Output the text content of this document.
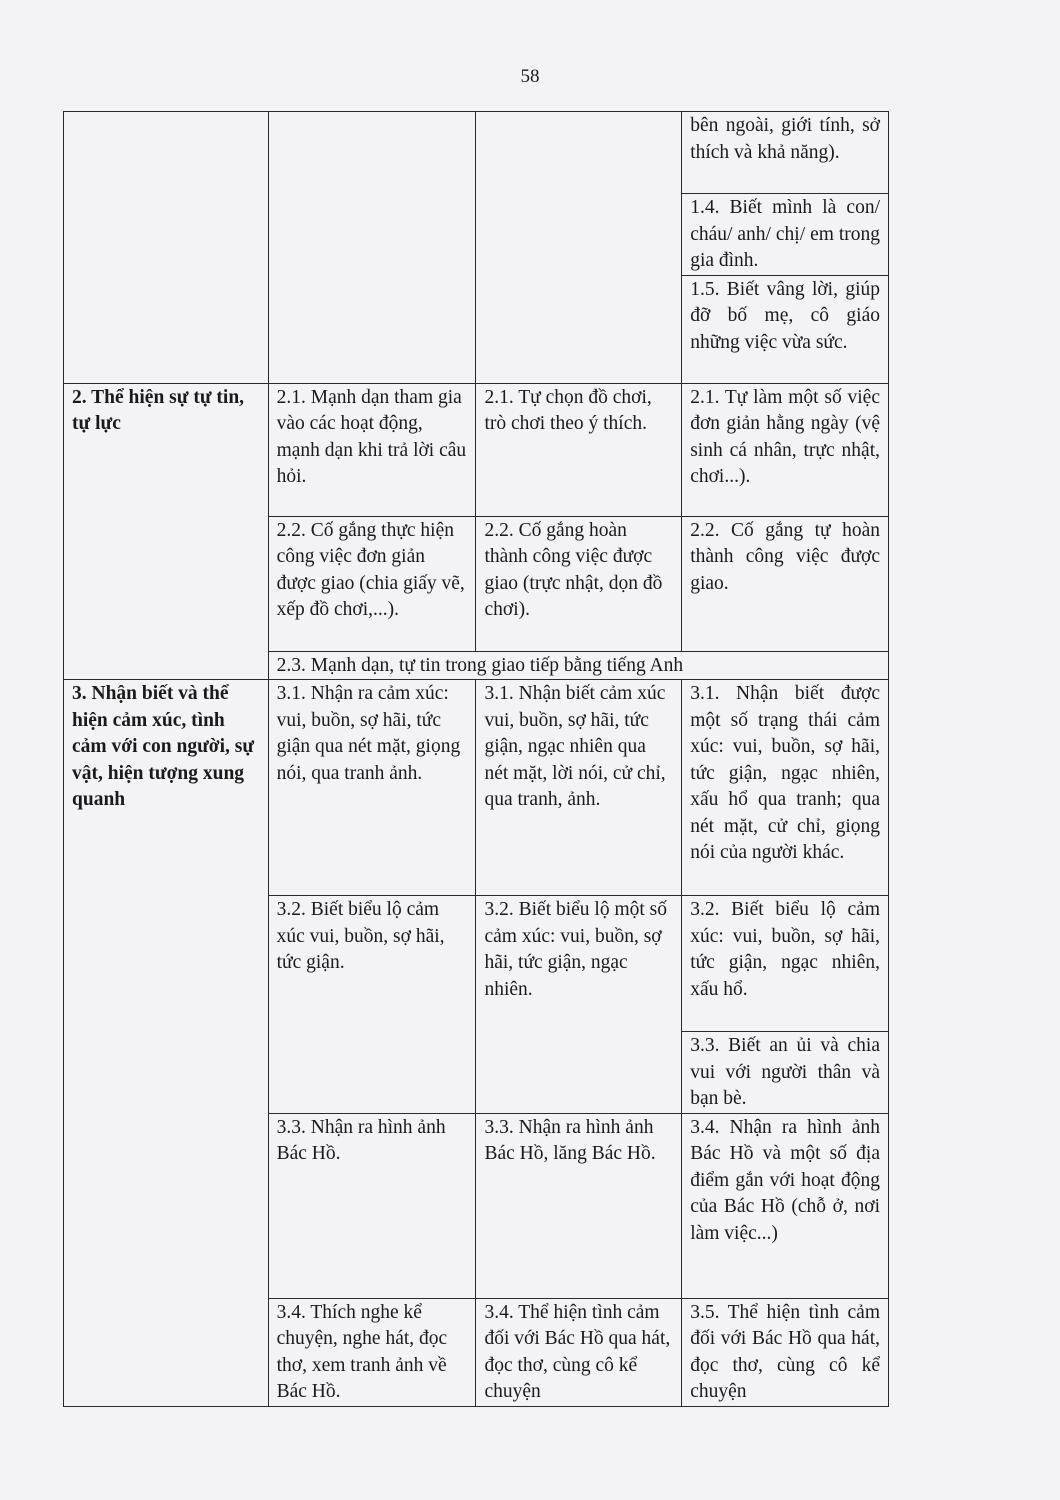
58
			bên ngoài, giới tính, sở thích và khả năng).
			1.4. Biết mình là con/ cháu/ anh/ chị/ em trong gia đình.
			1.5. Biết vâng lời, giúp đỡ bố mẹ, cô giáo những việc vừa sức.
2. Thể hiện sự tự tin, tự lực	2.1. Mạnh dạn tham gia vào các hoạt động, mạnh dạn khi trả lời câu hỏi.	2.1. Tự chọn đồ chơi, trò chơi theo ý thích.	2.1. Tự làm một số việc đơn giản hằng ngày (vệ sinh cá nhân, trực nhật, chơi...).
	2.2. Cố gắng thực hiện công việc đơn giản được giao (chia giấy vẽ, xếp đồ chơi,...).	2.2. Cố gắng hoàn thành công việc được giao (trực nhật, dọn đồ chơi).	2.2. Cố gắng tự hoàn thành công việc được giao.
	2.3. Mạnh dạn, tự tin trong giao tiếp bằng tiếng Anh		
3. Nhận biết và thể hiện cảm xúc, tình cảm với con người, sự vật, hiện tượng xung quanh	3.1. Nhận ra cảm xúc: vui, buồn, sợ hãi, tức giận qua nét mặt, giọng nói, qua tranh ảnh.	3.1. Nhận biết cảm xúc vui, buồn, sợ hãi, tức giận, ngạc nhiên qua nét mặt, lời nói, cử chỉ, qua tranh, ảnh.	3.1. Nhận biết được một số trạng thái cảm xúc: vui, buồn, sợ hãi, tức giận, ngạc nhiên, xấu hổ qua tranh; qua nét mặt, cử chỉ, giọng nói của người khác.
	3.2. Biết biểu lộ cảm xúc vui, buồn, sợ hãi, tức giận.	3.2. Biết biểu lộ một số cảm xúc: vui, buồn, sợ hãi, tức giận, ngạc nhiên.	3.2. Biết biểu lộ cảm xúc: vui, buồn, sợ hãi, tức giận, ngạc nhiên, xấu hổ.
			3.3. Biết an ủi và chia vui với người thân và bạn bè.
	3.3. Nhận ra hình ảnh Bác Hồ.	3.3. Nhận ra hình ảnh Bác Hồ, lăng Bác Hồ.	3.4. Nhận ra hình ảnh Bác Hồ và một số địa điểm gắn với hoạt động của Bác Hồ (chỗ ở, nơi làm việc...)
	3.4. Thích nghe kể chuyện, nghe hát, đọc thơ, xem tranh ảnh về Bác Hồ.	3.4. Thể hiện tình cảm đối với Bác Hồ qua hát, đọc thơ, cùng cô kể chuyện	3.5. Thể hiện tình cảm đối với Bác Hồ qua hát, đọc thơ, cùng cô kể chuyện
